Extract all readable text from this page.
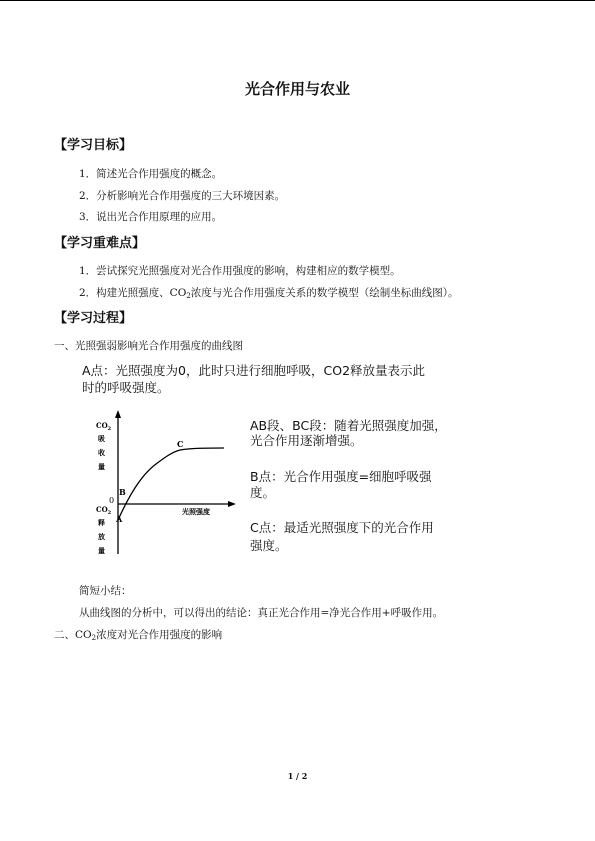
光合作用与农业
【学习目标】
1．简述光合作用强度的概念。
2．分析影响光合作用强度的三大环境因素。
3．说出光合作用原理的应用。
【学习重难点】
1．尝试探究光照强度对光合作用强度的影响，构建相应的数学模型。
2．构建光照强度、$CO_2$浓度与光合作用强度关系的数学模型（绘制坐标曲线图）。
【学习过程】
一、光照强弱影响光合作用强度的曲线图
A点：光照强度为0，此时只进行细胞呼吸，CO2释放量表示此
时的呼吸强度。
$CO_2$
吸
收
量
0
$CO_2$
释
放
量
A
B
C
光照强度
AB段、BC段：随着光照强度加强，
光合作用逐渐增强。
B点：光合作用强度=细胞呼吸强
度。
C点：最适光照强度下的光合作用
强度。
简短小结：
从曲线图的分析中，可以得出的结论：真正光合作用=净光合作用+呼吸作用。
二、$CO_2$浓度对光合作用强度的影响
1 / 2
